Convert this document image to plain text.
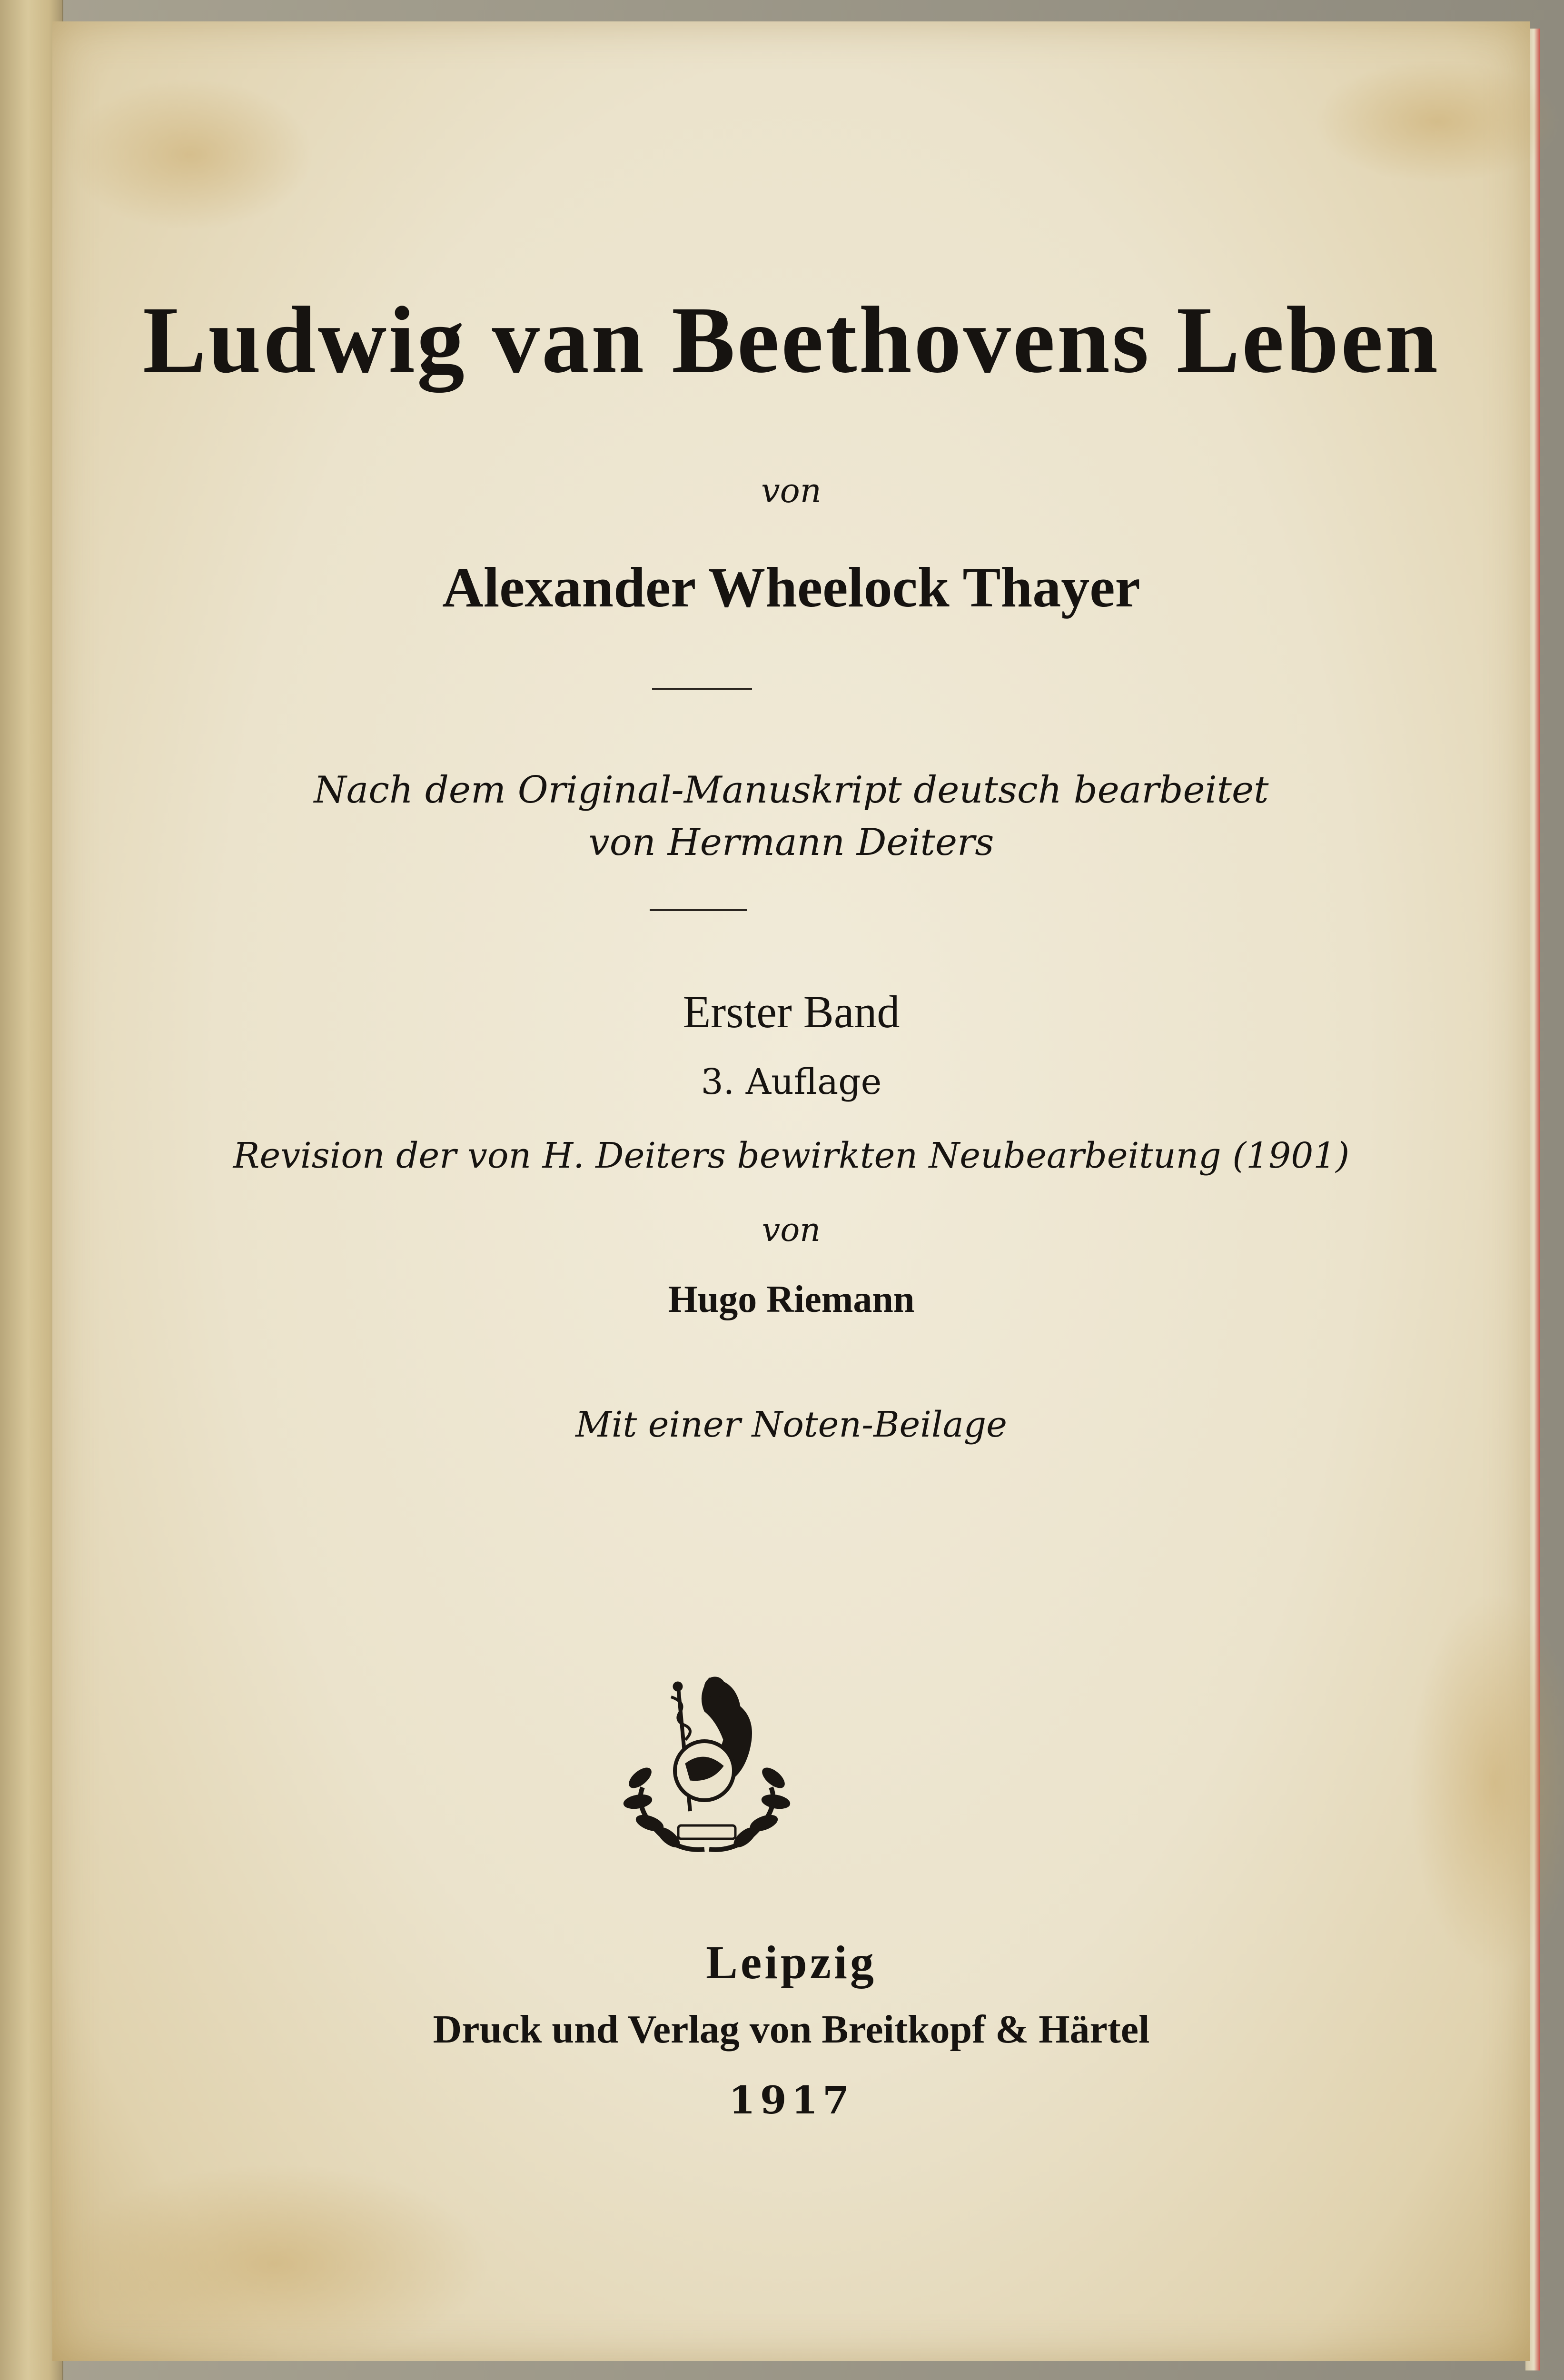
Ludwig van Beethovens Leben
von
Alexander Wheelock Thayer
Nach dem Original-Manuskript deutsch bearbeitet
von Hermann Deiters
Erster Band
3. Auflage
Revision der von H. Deiters bewirkten Neubearbeitung (1901)
von
Hugo Riemann
Mit einer Noten-Beilage
Leipzig
Druck und Verlag von Breitkopf & Härtel
1917
